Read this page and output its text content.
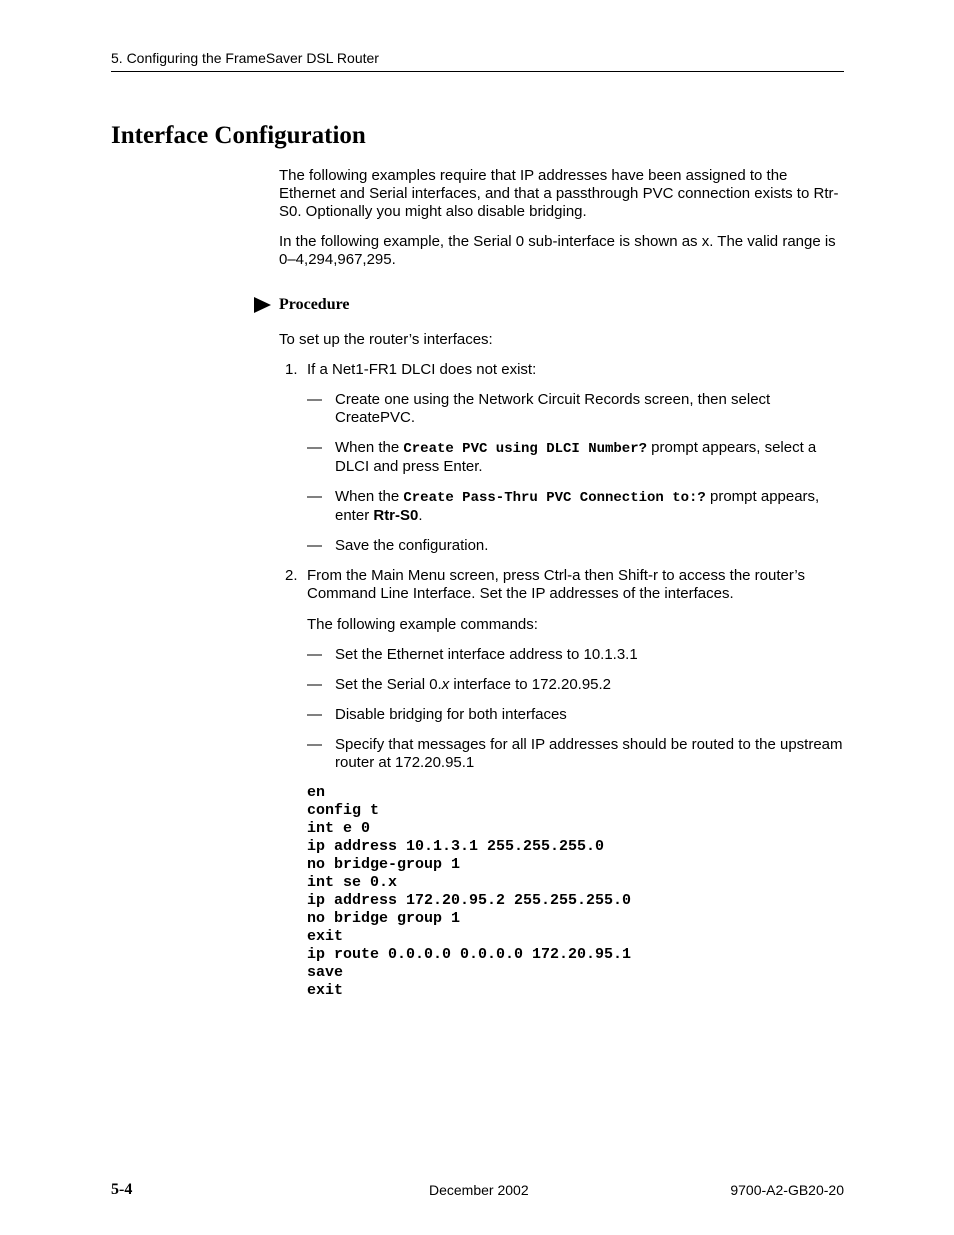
5. Configuring the FrameSaver DSL Router
Interface Configuration

The following examples require that IP addresses have been assigned to the Ethernet and Serial interfaces, and that a passthrough PVC connection exists to Rtr-S0. Optionally you might also disable bridging.

In the following example, the Serial 0 sub-interface is shown as x. The valid range is 0–4,294,967,295.

Procedure

To set up the router’s interfaces:

1. If a Net1-FR1 DLCI does not exist:

— Create one using the Network Circuit Records screen, then select CreatePVC.
— When the Create PVC using DLCI Number? prompt appears, select a DLCI and press Enter.
— When the Create Pass-Thru PVC Connection to:? prompt appears, enter Rtr-S0.
— Save the configuration.
2. From the Main Menu screen, press Ctrl-a then Shift-r to access the router’s Command Line Interface. Set the IP addresses of the interfaces.

The following example commands:

— Set the Ethernet interface address to 10.1.3.1
— Set the Serial 0.x interface to 172.20.95.2
— Disable bridging for both interfaces
— Specify that messages for all IP addresses should be routed to the upstream router at 172.20.95.1
en
config t
int e 0
ip address 10.1.3.1 255.255.255.0
no bridge-group 1
int se 0.x
ip address 172.20.95.2 255.255.255.0
no bridge group 1
exit
ip route 0.0.0.0 0.0.0.0 172.20.95.1
save
exit
5-4	December 2002	9700-A2-GB20-20
